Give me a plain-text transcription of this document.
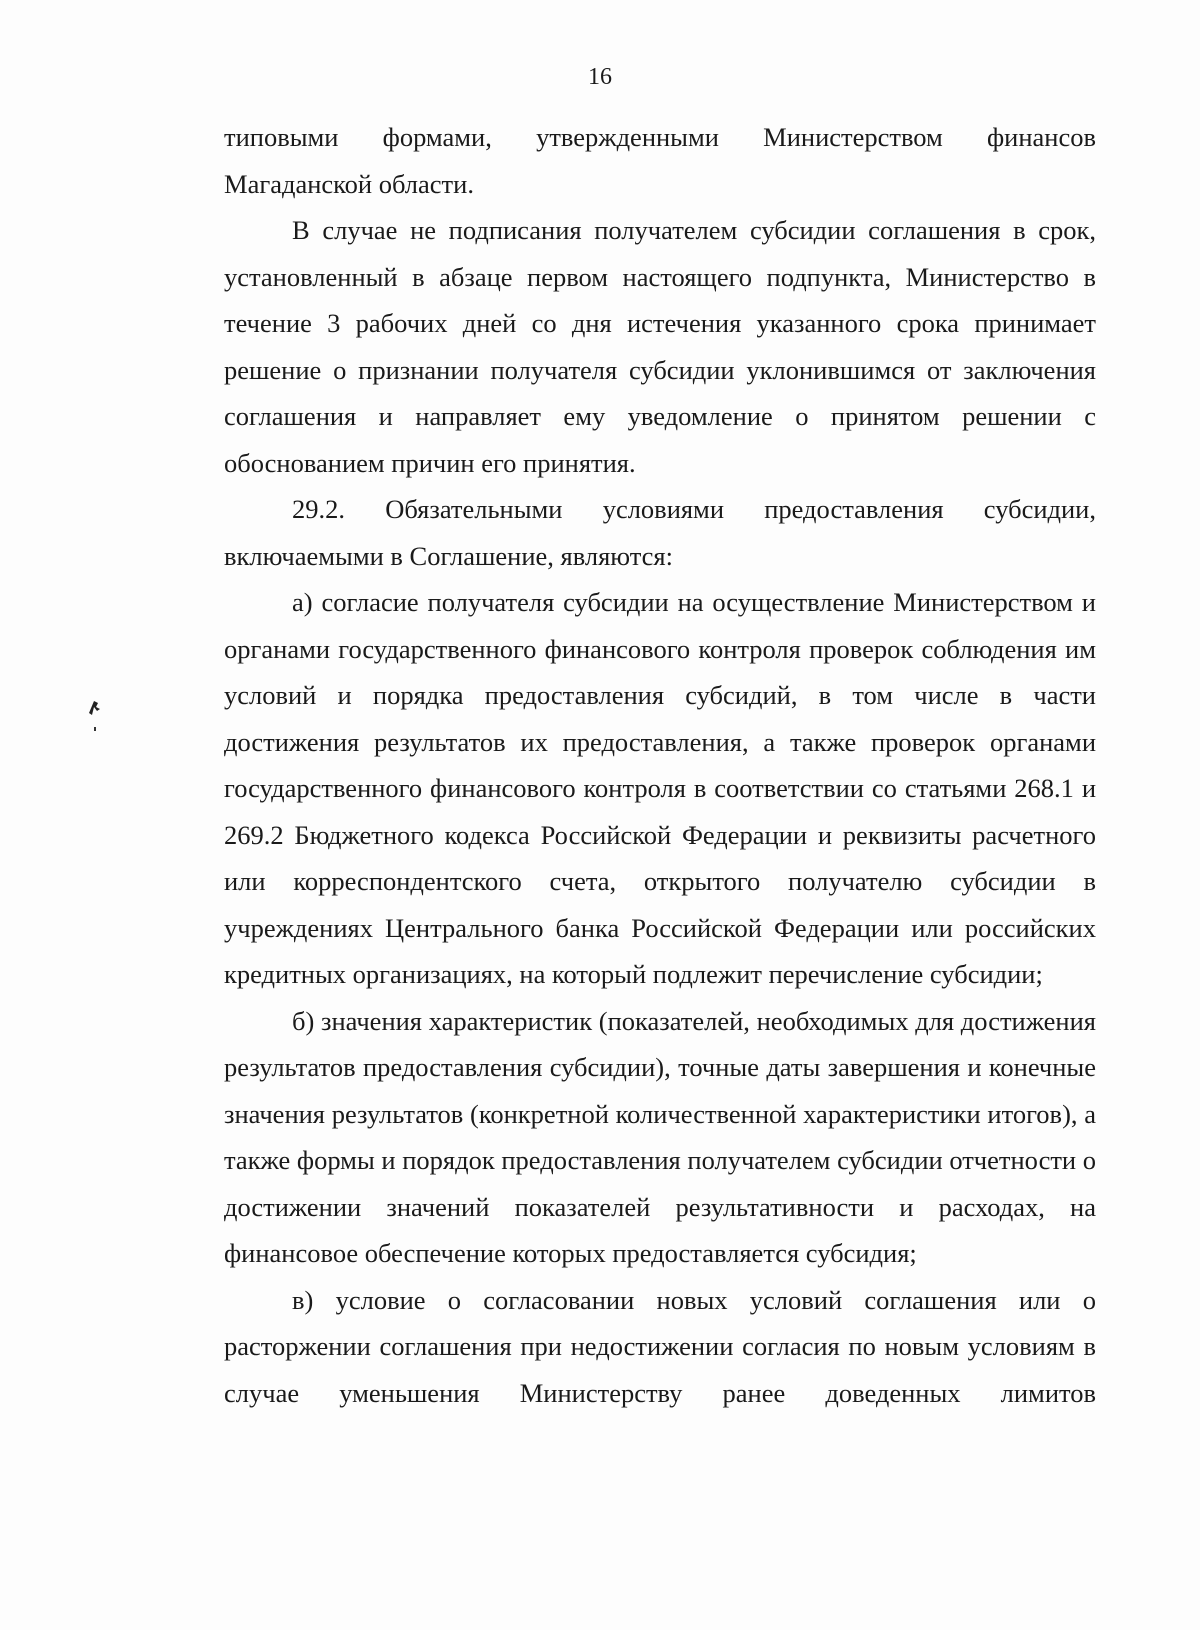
16

типовыми формами, утвержденными Министерством финансов Магаданской области.

В случае не подписания получателем субсидии соглашения в срок, установленный в абзаце первом настоящего подпункта, Министерство в течение 3 рабочих дней со дня истечения указанного срока принимает решение о признании получателя субсидии уклонившимся от заключения соглашения и направляет ему уведомление о принятом решении с обоснованием причин его принятия.

29.2. Обязательными условиями предоставления субсидии, включаемыми в Соглашение, являются:

а) согласие получателя субсидии на осуществление Министерством и органами государственного финансового контроля проверок соблюдения им условий и порядка предоставления субсидий, в том числе в части достижения результатов их предоставления, а также проверок органами государственного финансового контроля в соответствии со статьями 268.1 и 269.2 Бюджетного кодекса Российской Федерации и реквизиты расчетного или корреспондентского счета, открытого получателю субсидии в учреждениях Центрального банка Российской Федерации или российских кредитных организациях, на который подлежит перечисление субсидии;

б) значения характеристик (показателей, необходимых для достижения результатов предоставления субсидии), точные даты завершения и конечные значения результатов (конкретной количественной характеристики итогов), а также формы и порядок предоставления получателем субсидии отчетности о достижении значений показателей результативности и расходах, на финансовое обеспечение которых предоставляется субсидия;

в) условие о согласовании новых условий соглашения или о расторжении соглашения при недостижении согласия по новым условиям в случае уменьшения Министерству ранее доведенных лимитов
